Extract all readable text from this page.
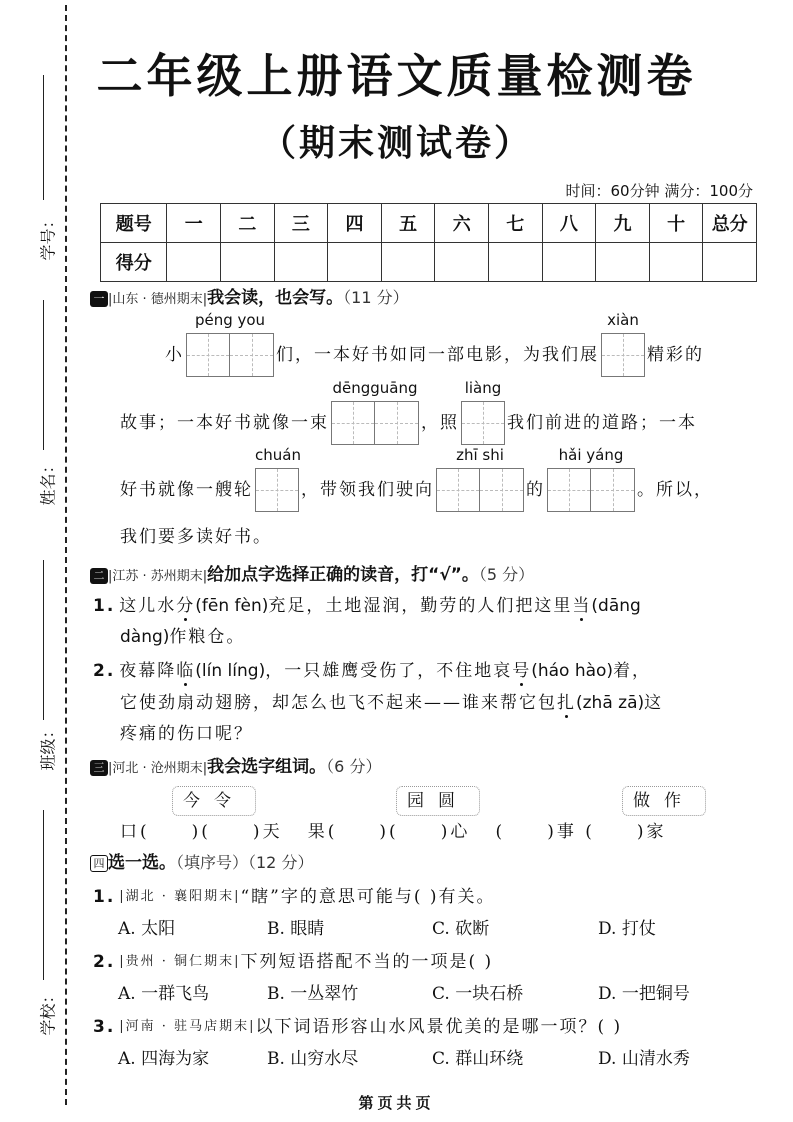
学号：
姓名：
班级：
学校：
二年级上册语文质量检测卷
（期末测试卷）
时间：60分钟 满分：100分
题号	一	二	三	四	五	六	七	八	九	十	总分
得分											
一 |山东 · 德州期末|我会读，也会写。（11 分）
小
péng you
们，一本好书如同一部电影，为我们展
xiàn
精彩的
故事；一本好书就像一束
dēngguāng
，照
liàng
我们前进的道路；一本
好书就像一艘轮
chuán
，带领我们驶向
zhī shi
的
hǎi yáng
。所以，
我们要多读好书。
二 |江苏 · 苏州期末|给加点字选择正确的读音，打“√”。（5 分）
1. 这儿水 分 (fēn fèn) 充足，土地湿润，勤劳的人们把这里 当 (dāng
dàng) 作粮仓。
2. 夜幕降 临 (lín líng) ，一只雄鹰受伤了，不住地哀 号 (háo hào) 着，
它使劲扇动翅膀，却怎么也飞不起来——谁来帮它包 扎 (zhā zā) 这
疼痛的伤口呢？
三 |河北 · 沧州期末|我会选字组词。（6 分）
今令	园圆	做作
口(     )(     )天   果(     )(     )心   (     )事 (     )家
四 选一选。（填序号）（12 分）
1. |湖北 · 襄阳期末| “瞎”字的意思可能与( )有关。
A. 太阳	B. 眼睛	C. 砍断	D. 打仗
2. |贵州 · 铜仁期末| 下列短语搭配不当的一项是( )
A. 一群飞鸟	B. 一丛翠竹	C. 一块石桥	D. 一把铜号
3. |河南 · 驻马店期末| 以下词语形容山水风景优美的是哪一项？( )
A. 四海为家	B. 山穷水尽	C. 群山环绕	D. 山清水秀
第页共页
